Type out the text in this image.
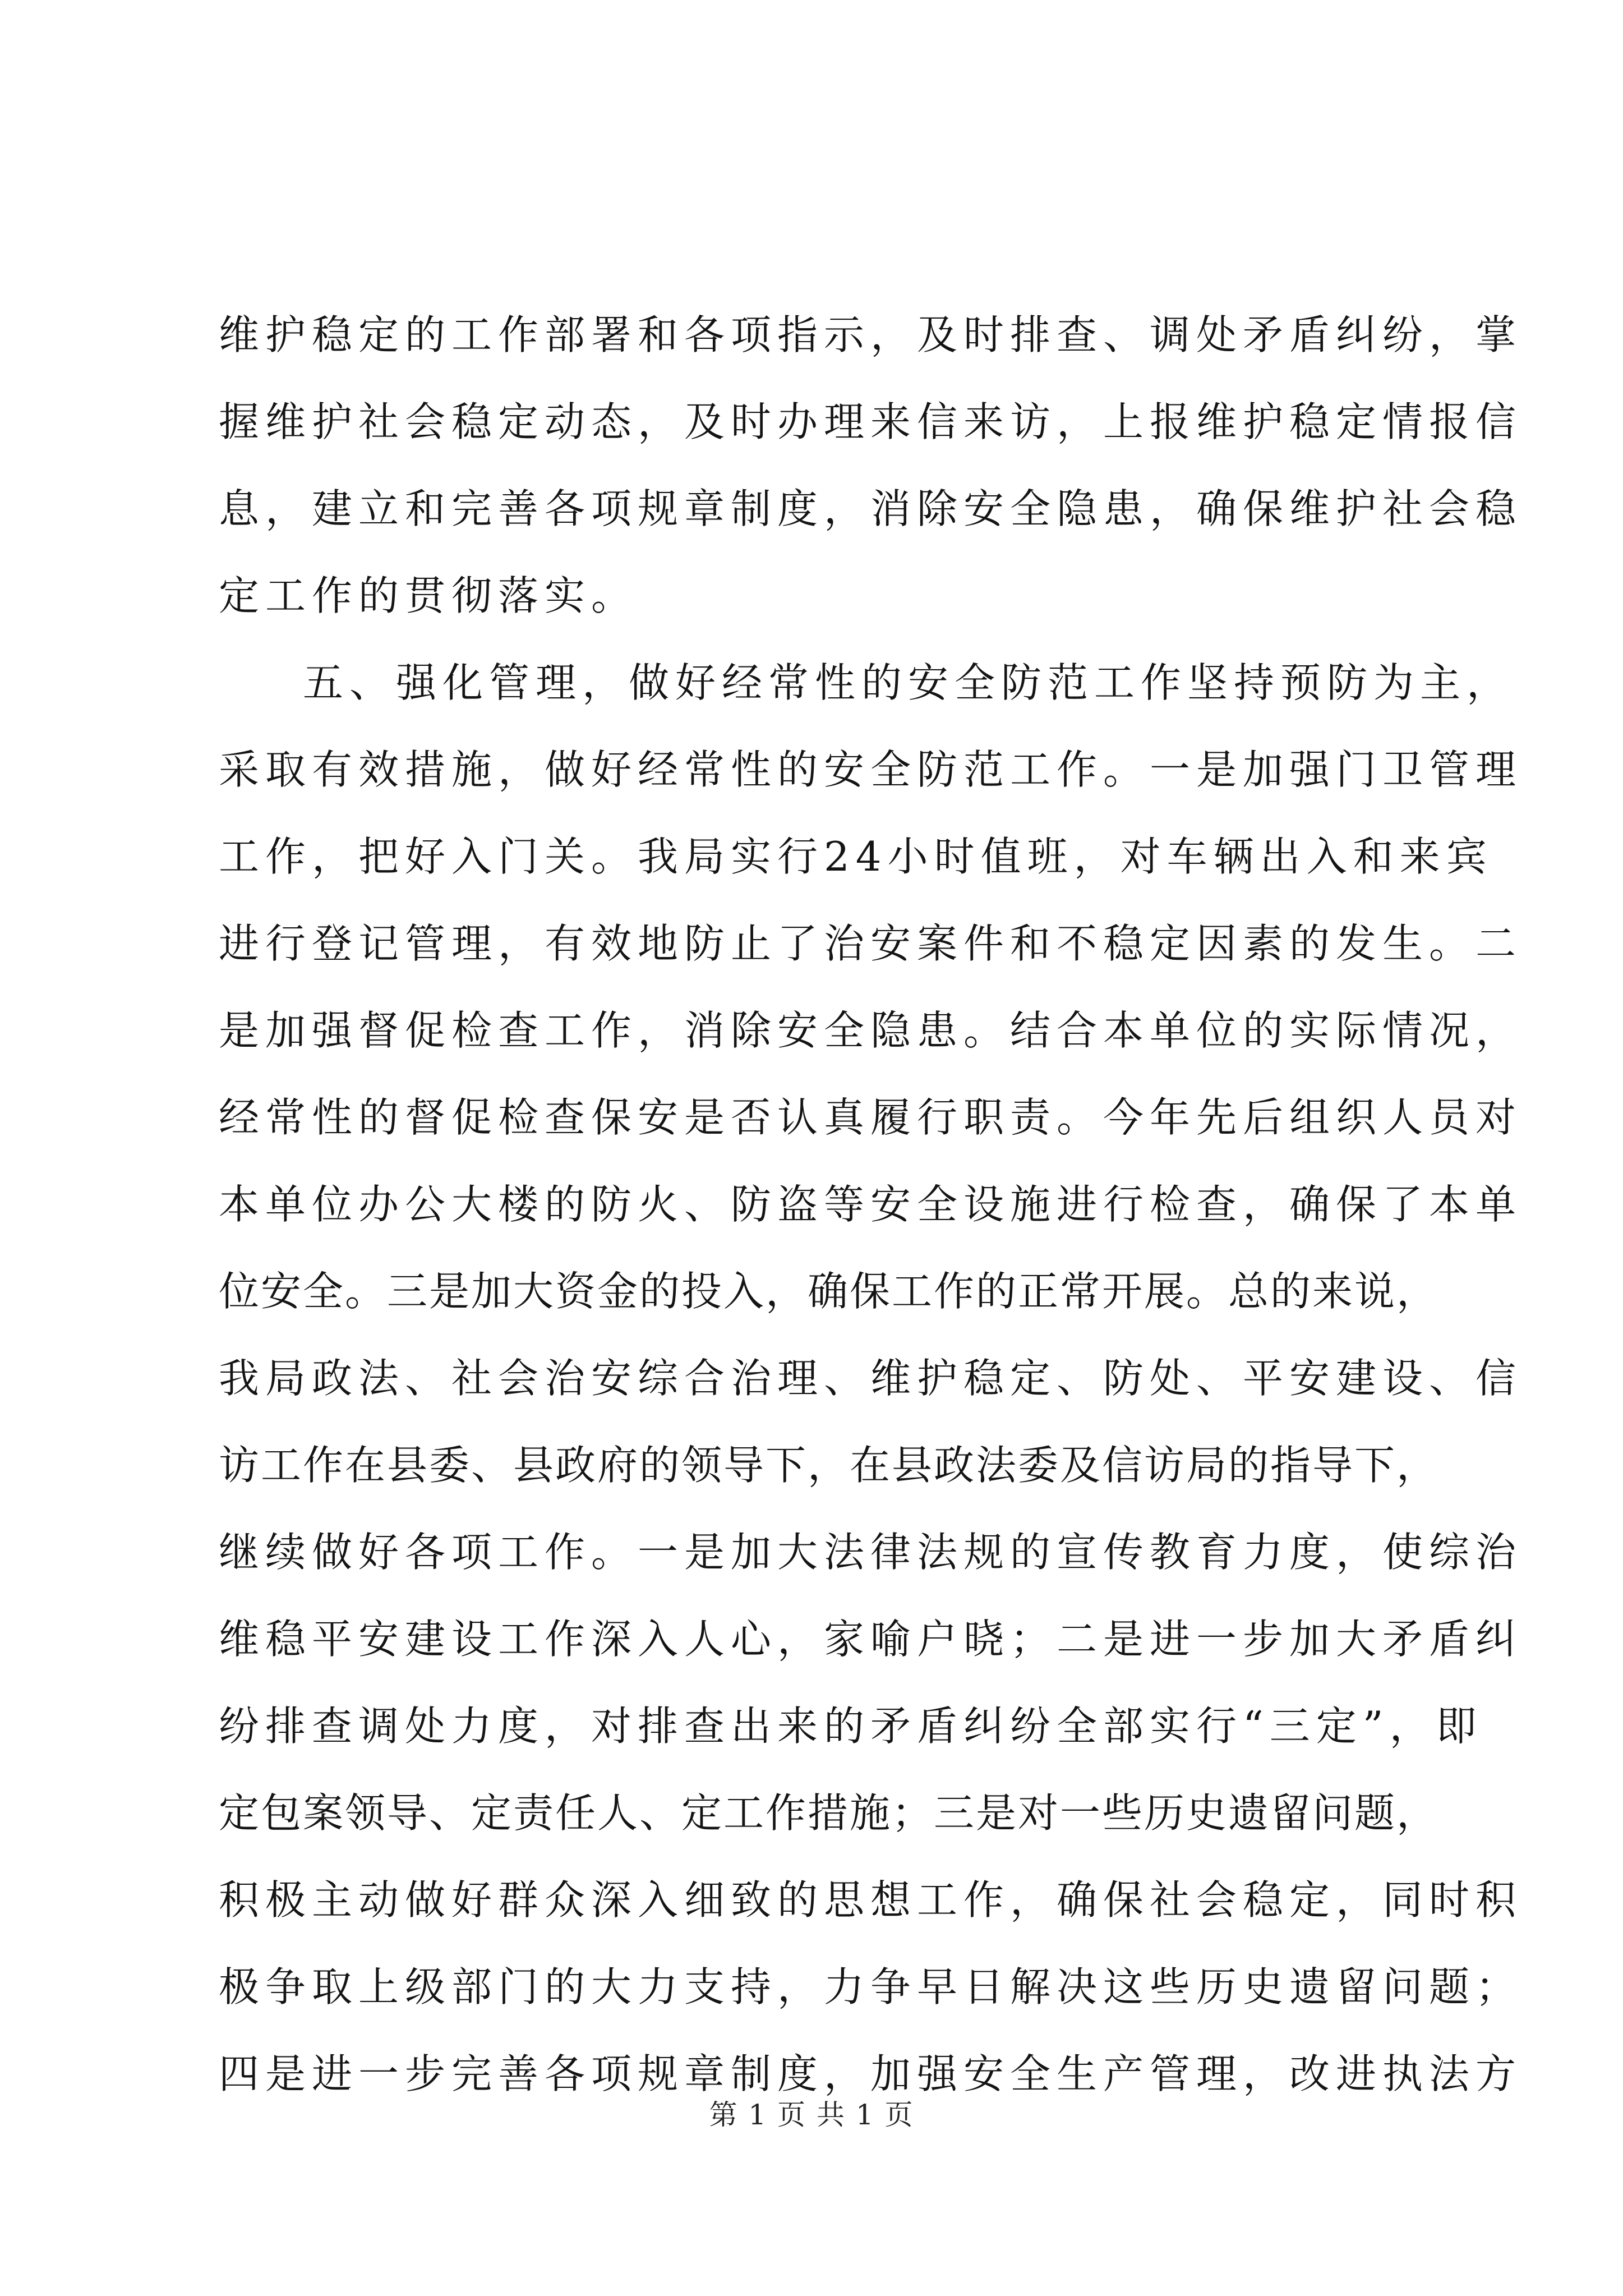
维护稳定的工作部署和各项指示，及时排查、调处矛盾纠纷，掌
握维护社会稳定动态，及时办理来信来访，上报维护稳定情报信
息，建立和完善各项规章制度，消除安全隐患，确保维护社会稳
定工作的贯彻落实。
五、强化管理，做好经常性的安全防范工作坚持预防为主，
采取有效措施，做好经常性的安全防范工作。一是加强门卫管理
工作，把好入门关。我局实行24小时值班，对车辆出入和来宾
进行登记管理，有效地防止了治安案件和不稳定因素的发生。二
是加强督促检查工作，消除安全隐患。结合本单位的实际情况，
经常性的督促检查保安是否认真履行职责。今年先后组织人员对
本单位办公大楼的防火、防盗等安全设施进行检查，确保了本单
位安全。三是加大资金的投入，确保工作的正常开展。总的来说，
我局政法、社会治安综合治理、维护稳定、防处、平安建设、信
访工作在县委、县政府的领导下，在县政法委及信访局的指导下，
继续做好各项工作。一是加大法律法规的宣传教育力度，使综治
维稳平安建设工作深入人心，家喻户晓；二是进一步加大矛盾纠
纷排查调处力度，对排查出来的矛盾纠纷全部实行“三定”，即
定包案领导、定责任人、定工作措施；三是对一些历史遗留问题，
积极主动做好群众深入细致的思想工作，确保社会稳定，同时积
极争取上级部门的大力支持，力争早日解决这些历史遗留问题；
四是进一步完善各项规章制度，加强安全生产管理，改进执法方
第 1 页 共 1 页
